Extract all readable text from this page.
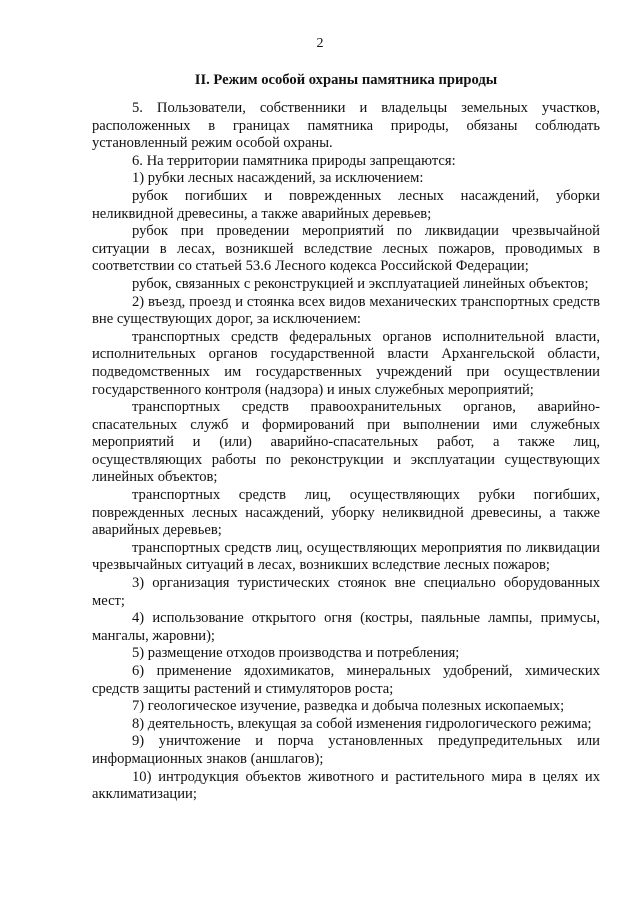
2
II. Режим особой охраны памятника природы

5. Пользователи, собственники и владельцы земельных участков, расположенных в границах памятника природы, обязаны соблюдать установленный режим особой охраны.

6. На территории памятника природы запрещаются:

1) рубки лесных насаждений, за исключением:

рубок погибших и поврежденных лесных насаждений, уборки неликвидной древесины, а также аварийных деревьев;

рубок при проведении мероприятий по ликвидации чрезвычайной ситуации в лесах, возникшей вследствие лесных пожаров, проводимых в соответствии со статьей 53.6 Лесного кодекса Российской Федерации;

рубок, связанных с реконструкцией и эксплуатацией линейных объектов;

2) въезд, проезд и стоянка всех видов механических транспортных средств вне существующих дорог, за исключением:

транспортных средств федеральных органов исполнительной власти, исполнительных органов государственной власти Архангельской области, подведомственных им государственных учреждений при осуществлении государственного контроля (надзора) и иных служебных мероприятий;

транспортных средств правоохранительных органов, аварийно-спасательных служб и формирований при выполнении ими служебных мероприятий и (или) аварийно-спасательных работ, а также лиц, осуществляющих работы по реконструкции и эксплуатации существующих линейных объектов;

транспортных средств лиц, осуществляющих рубки погибших, поврежденных лесных насаждений, уборку неликвидной древесины, а также аварийных деревьев;

транспортных средств лиц, осуществляющих мероприятия по ликвидации чрезвычайных ситуаций в лесах, возникших вследствие лесных пожаров;

3) организация туристических стоянок вне специально оборудованных мест;

4) использование открытого огня (костры, паяльные лампы, примусы, мангалы, жаровни);

5) размещение отходов производства и потребления;

6) применение ядохимикатов, минеральных удобрений, химических средств защиты растений и стимуляторов роста;

7) геологическое изучение, разведка и добыча полезных ископаемых;

8) деятельность, влекущая за собой изменения гидрологического режима;

9) уничтожение и порча установленных предупредительных или информационных знаков (аншлагов);

10) интродукция объектов животного и растительного мира в целях их акклиматизации;
